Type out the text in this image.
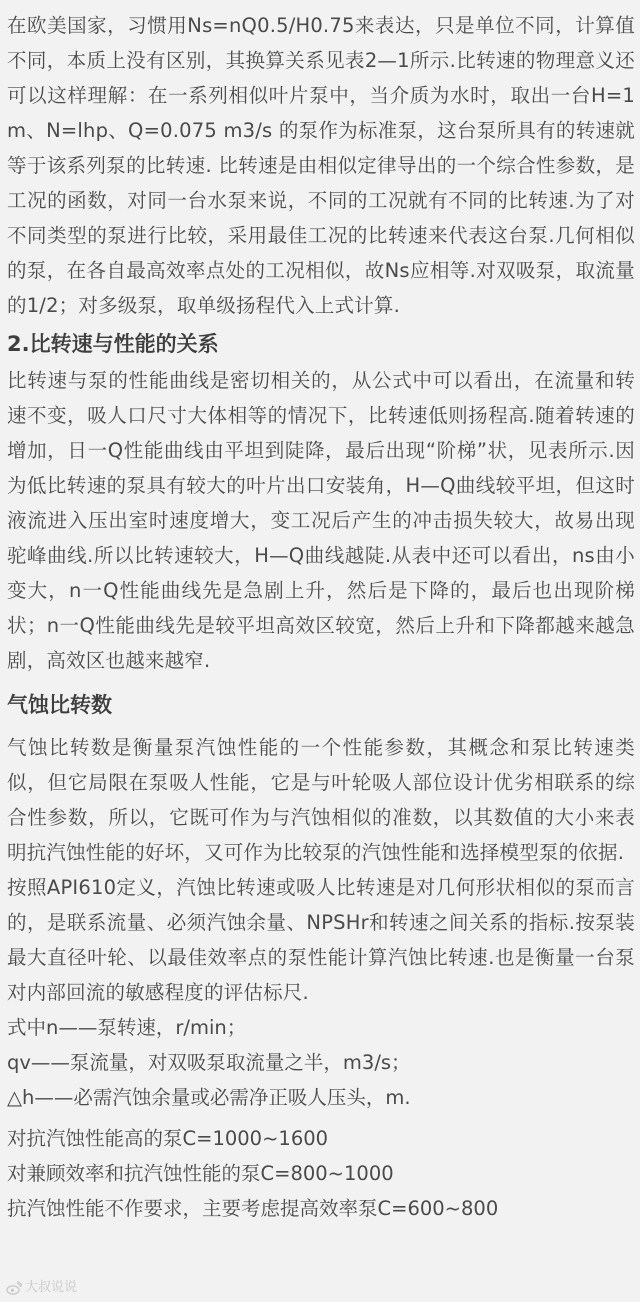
在欧美国家，习惯用Ns=nQ0.5/H0.75来表达，只是单位不同，计算值不同，本质上没有区别，其换算关系见表2—1所示.比转速的物理意义还可以这样理解：在一系列相似叶片泵中，当介质为水时，取出一台H=1m、N=lhp、Q=0.075 m3/s 的泵作为标准泵，这台泵所具有的转速就等于该系列泵的比转速. 比转速是由相似定律导出的一个综合性参数，是工况的函数，对同一台水泵来说，不同的工况就有不同的比转速.为了对不同类型的泵进行比较，采用最佳工况的比转速来代表这台泵.几何相似的泵，在各自最高效率点处的工况相似，故Ns应相等.对双吸泵，取流量的1/2；对多级泵，取单级扬程代入上式计算.

2.比转速与性能的关系

比转速与泵的性能曲线是密切相关的，从公式中可以看出，在流量和转速不变，吸人口尺寸大体相等的情况下，比转速低则扬程高.随着转速的增加，日一Q性能曲线由平坦到陡降，最后出现“阶梯”状，见表所示.因为低比转速的泵具有较大的叶片出口安装角，H—Q曲线较平坦，但这时液流进入压出室时速度增大，变工况后产生的冲击损失较大，故易出现驼峰曲线.所以比转速较大，H—Q曲线越陡.从表中还可以看出，ns由小变大，n一Q性能曲线先是急剧上升，然后是下降的，最后也出现阶梯状；n一Q性能曲线先是较平坦高效区较宽，然后上升和下降都越来越急剧，高效区也越来越窄.

气蚀比转数

气蚀比转数是衡量泵汽蚀性能的一个性能参数，其概念和泵比转速类似，但它局限在泵吸人性能，它是与叶轮吸人部位设计优劣相联系的综合性参数，所以，它既可作为与汽蚀相似的准数，以其数值的大小来表明抗汽蚀性能的好坏，又可作为比较泵的汽蚀性能和选择模型泵的依据.

按照API610定义，汽蚀比转速或吸人比转速是对几何形状相似的泵而言的，是联系流量、必须汽蚀余量、NPSHr和转速之间关系的指标.按泵装最大直径叶轮、以最佳效率点的泵性能计算汽蚀比转速.也是衡量一台泵对内部回流的敏感程度的评估标尺.

式中n——泵转速，r/min；

qv——泵流量，对双吸泵取流量之半，m3/s；

△h——必需汽蚀余量或必需净正吸人压头，m.

对抗汽蚀性能高的泵C=1000~1600

对兼顾效率和抗汽蚀性能的泵C=800~1000

抗汽蚀性能不作要求，主要考虑提高效率泵C=600~800

大叔说说
